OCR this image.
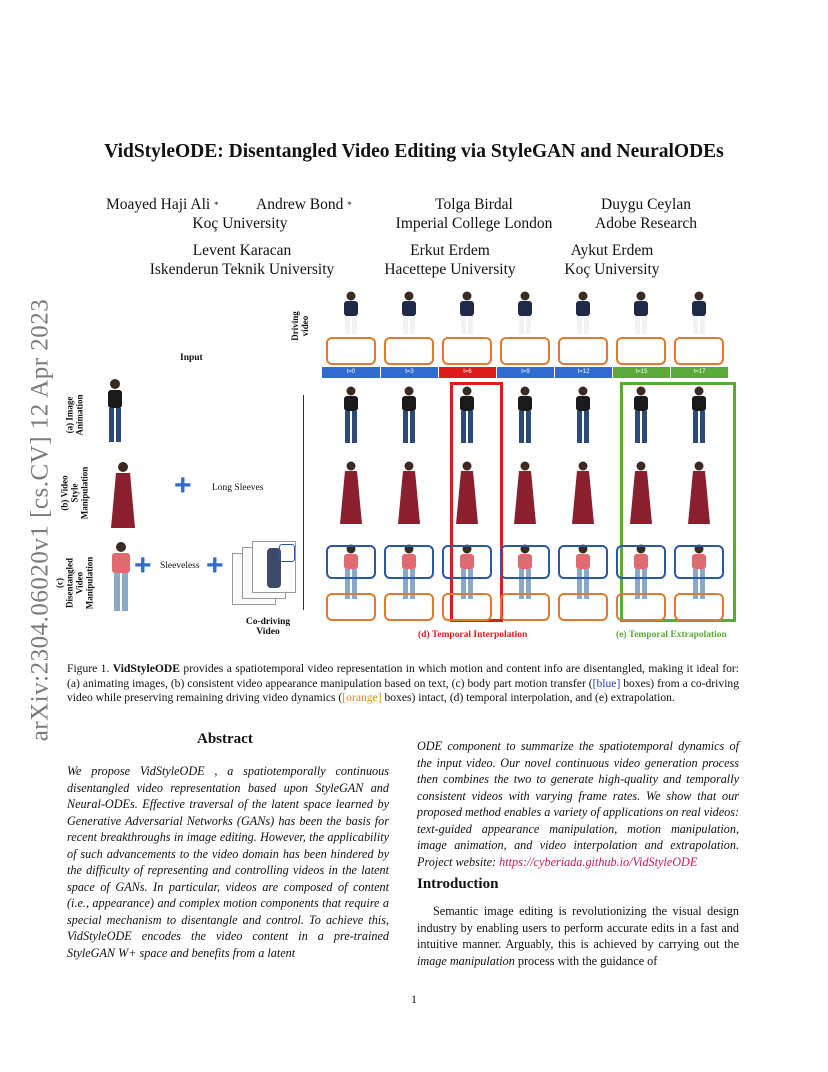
arXiv:2304.06020v1 [cs.CV] 12 Apr 2023
VidStyleODE: Disentangled Video Editing via StyleGAN and NeuralODEs
Moayed Haji Ali *	Andrew Bond *
Koç University
Tolga Birdal
Imperial College London
Duygu Ceylan
Adobe Research
Levent Karacan
Iskenderun Teknik University
Erkut Erdem
Hacettepe University
Aykut Erdem
Koç University
Driving video
Input
(a) Image Animation
(b) Video Style Manipulation
(c) Disentangled Video Manipulation
+ Long Sleeves
+ Sleeveless +
Co-driving Video
t=0	t=3	t=6	t=9	t=12	t=15	t=17
(d) Temporal Interpolation	(e) Temporal Extrapolation
Figure 1. VidStyleODE provides a spatiotemporal video representation in which motion and content info are disentangled, making it ideal for: (a) animating images, (b) consistent video appearance manipulation based on text, (c) body part motion transfer ([blue] boxes) from a co-driving video while preserving remaining driving video dynamics ([orange] boxes) intact, (d) temporal interpolation, and (e) extrapolation.
Abstract
We propose VidStyleODE , a spatiotemporally continuous disentangled video representation based upon StyleGAN and Neural-ODEs. Effective traversal of the latent space learned by Generative Adversarial Networks (GANs) has been the basis for recent breakthroughs in image editing. However, the applicability of such advancements to the video domain has been hindered by the difficulty of representing and controlling videos in the latent space of GANs. In particular, videos are composed of content (i.e., appearance) and complex motion components that require a special mechanism to disentangle and control. To achieve this, VidStyleODE encodes the video content in a pre-trained StyleGAN W+ space and benefits from a latent
ODE component to summarize the spatiotemporal dynamics of the input video. Our novel continuous video generation process then combines the two to generate high-quality and temporally consistent videos with varying frame rates. We show that our proposed method enables a variety of applications on real videos: text-guided appearance manipulation, motion manipulation, image animation, and video interpolation and extrapolation. Project website: https://cyberiada.github.io/VidStyleODE
Introduction
Semantic image editing is revolutionizing the visual design industry by enabling users to perform accurate edits in a fast and intuitive manner. Arguably, this is achieved by carrying out the image manipulation process with the guidance of
1
